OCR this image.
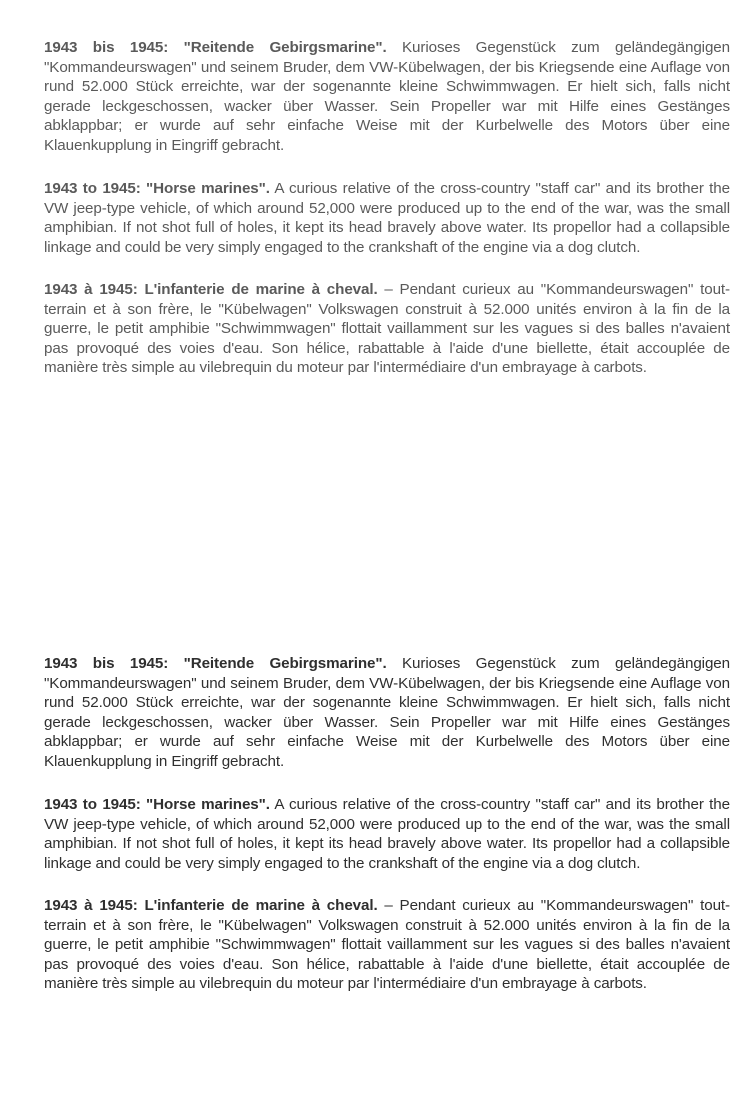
1943 bis 1945: "Reitende Gebirgsmarine". Kurioses Gegenstück zum geländegängigen "Kommandeurswagen" und seinem Bruder, dem VW-Kübelwagen, der bis Kriegsende eine Auflage von rund 52.000 Stück erreichte, war der sogenannte kleine Schwimmwagen. Er hielt sich, falls nicht gerade leckgeschossen, wacker über Wasser. Sein Propeller war mit Hilfe eines Gestänges abklappbar; er wurde auf sehr einfache Weise mit der Kurbelwelle des Motors über eine Klauenkupplung in Eingriff gebracht.

1943 to 1945: "Horse marines". A curious relative of the cross-country "staff car" and its brother the VW jeep-type vehicle, of which around 52,000 were produced up to the end of the war, was the small amphibian. If not shot full of holes, it kept its head bravely above water. Its propellor had a collapsible linkage and could be very simply engaged to the crankshaft of the engine via a dog clutch.

1943 à 1945: L'infanterie de marine à cheval. – Pendant curieux au "Kommandeurswagen" tout-terrain et à son frère, le "Kübelwagen" Volkswagen construit à 52.000 unités environ à la fin de la guerre, le petit amphibie "Schwimmwagen" flottait vaillamment sur les vagues si des balles n'avaient pas provoqué des voies d'eau. Son hélice, rabattable à l'aide d'une biellette, était accouplée de manière très simple au vilebrequin du moteur par l'intermédiaire d'un embrayage à carbots.

1943 bis 1945: "Reitende Gebirgsmarine". Kurioses Gegenstück zum geländegängigen "Kommandeurswagen" und seinem Bruder, dem VW-Kübelwagen, der bis Kriegsende eine Auflage von rund 52.000 Stück erreichte, war der sogenannte kleine Schwimmwagen. Er hielt sich, falls nicht gerade leckgeschossen, wacker über Wasser. Sein Propeller war mit Hilfe eines Gestänges abklappbar; er wurde auf sehr einfache Weise mit der Kurbelwelle des Motors über eine Klauenkupplung in Eingriff gebracht.

1943 to 1945: "Horse marines". A curious relative of the cross-country "staff car" and its brother the VW jeep-type vehicle, of which around 52,000 were produced up to the end of the war, was the small amphibian. If not shot full of holes, it kept its head bravely above water. Its propellor had a collapsible linkage and could be very simply engaged to the crankshaft of the engine via a dog clutch.

1943 à 1945: L'infanterie de marine à cheval. – Pendant curieux au "Kommandeurswagen" tout-terrain et à son frère, le "Kübelwagen" Volkswagen construit à 52.000 unités environ à la fin de la guerre, le petit amphibie "Schwimmwagen" flottait vaillamment sur les vagues si des balles n'avaient pas provoqué des voies d'eau. Son hélice, rabattable à l'aide d'une biellette, était accouplée de manière très simple au vilebrequin du moteur par l'intermédiaire d'un embrayage à carbots.
